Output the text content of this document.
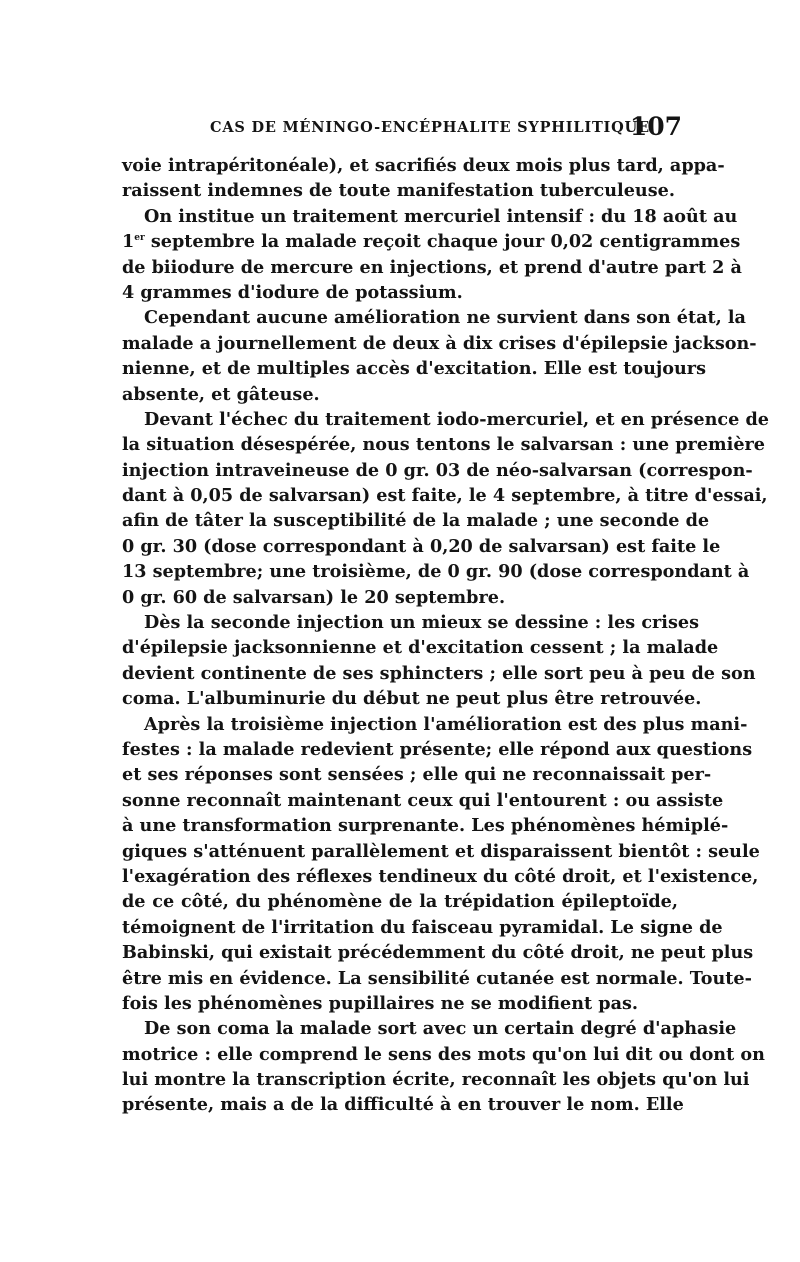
CAS DE MÉNINGO-ENCÉPHALITE SYPHILITIQUE
107
voie intrapéritonéale), et sacrifiés deux mois plus tard, appa-
raissent indemnes de toute manifestation tuberculeuse.
On institue un traitement mercuriel intensif : du 18 août au
1er septembre la malade reçoit chaque jour 0,02 centigrammes
de biiodure de mercure en injections, et prend d'autre part 2 à
4 grammes d'iodure de potassium.
Cependant aucune amélioration ne survient dans son état, la
malade a journellement de deux à dix crises d'épilepsie jackson-
nienne, et de multiples accès d'excitation. Elle est toujours
absente, et gâteuse.
Devant l'échec du traitement iodo-mercuriel, et en présence de
la situation désespérée, nous tentons le salvarsan : une première
injection intraveineuse de 0 gr. 03 de néo-salvarsan (correspon-
dant à 0,05 de salvarsan) est faite, le 4 septembre, à titre d'essai,
afin de tâter la susceptibilité de la malade ; une seconde de
0 gr. 30 (dose correspondant à 0,20 de salvarsan) est faite le
13 septembre; une troisième, de 0 gr. 90 (dose correspondant à
0 gr. 60 de salvarsan) le 20 septembre.
Dès la seconde injection un mieux se dessine : les crises
d'épilepsie jacksonnienne et d'excitation cessent ; la malade
devient continente de ses sphincters ; elle sort peu à peu de son
coma. L'albuminurie du début ne peut plus être retrouvée.
Après la troisième injection l'amélioration est des plus mani-
festes : la malade redevient présente; elle répond aux questions
et ses réponses sont sensées ; elle qui ne reconnaissait per-
sonne reconnaît maintenant ceux qui l'entourent : ou assiste
à une transformation surprenante. Les phénomènes hémiplé-
giques s'atténuent parallèlement et disparaissent bientôt : seule
l'exagération des réflexes tendineux du côté droit, et l'existence,
de ce côté, du phénomène de la trépidation épileptoïde,
témoignent de l'irritation du faisceau pyramidal. Le signe de
Babinski, qui existait précédemment du côté droit, ne peut plus
être mis en évidence. La sensibilité cutanée est normale. Toute-
fois les phénomènes pupillaires ne se modifient pas.
De son coma la malade sort avec un certain degré d'aphasie
motrice : elle comprend le sens des mots qu'on lui dit ou dont on
lui montre la transcription écrite, reconnaît les objets qu'on lui
présente, mais a de la difficulté à en trouver le nom. Elle
